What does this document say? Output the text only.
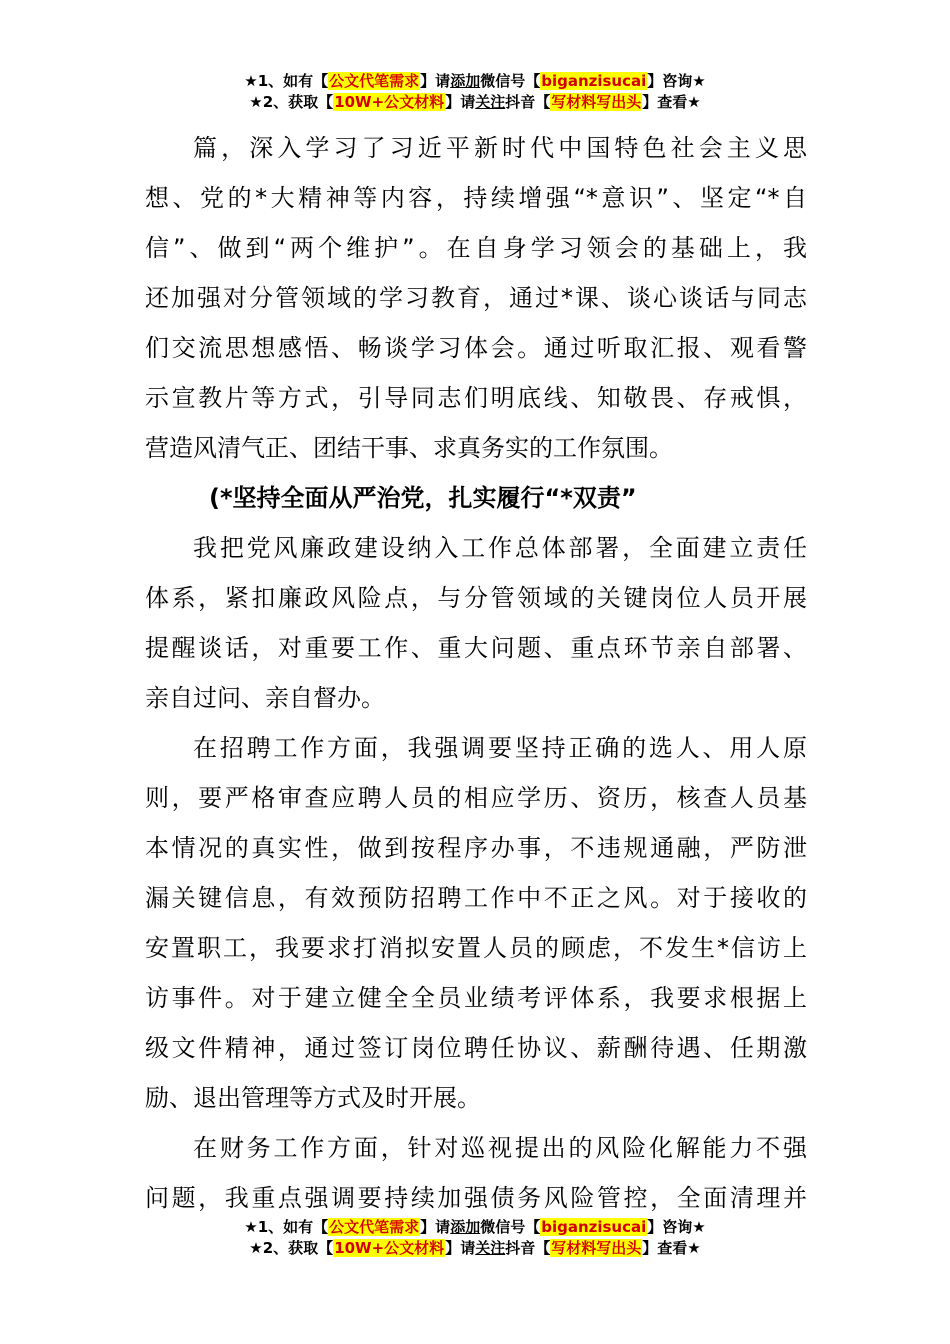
★1、如有【公文代笔需求】请添加微信号【biganzisucai】咨询★
★2、获取【10W+公文材料】请关注抖音【写材料写出头】查看★
篇，深入学习了习近平新时代中国特色社会主义思
想、党的*大精神等内容，持续增强“*意识”、坚定“*自
信”、做到“两个维护”。在自身学习领会的基础上，我
还加强对分管领域的学习教育，通过*课、谈心谈话与同志
们交流思想感悟、畅谈学习体会。通过听取汇报、观看警
示宣教片等方式，引导同志们明底线、知敬畏、存戒惧，
营造风清气正、团结干事、求真务实的工作氛围。
(*坚持全面从严治党，扎实履行“*双责”
我把党风廉政建设纳入工作总体部署，全面建立责任
体系，紧扣廉政风险点，与分管领域的关键岗位人员开展
提醒谈话，对重要工作、重大问题、重点环节亲自部署、
亲自过问、亲自督办。
在招聘工作方面，我强调要坚持正确的选人、用人原
则，要严格审查应聘人员的相应学历、资历，核查人员基
本情况的真实性，做到按程序办事，不违规通融，严防泄
漏关键信息，有效预防招聘工作中不正之风。对于接收的
安置职工，我要求打消拟安置人员的顾虑，不发生*信访上
访事件。对于建立健全全员业绩考评体系，我要求根据上
级文件精神，通过签订岗位聘任协议、薪酬待遇、任期激
励、退出管理等方式及时开展。
在财务工作方面，针对巡视提出的风险化解能力不强
问题，我重点强调要持续加强债务风险管控，全面清理并
★1、如有【公文代笔需求】请添加微信号【biganzisucai】咨询★
★2、获取【10W+公文材料】请关注抖音【写材料写出头】查看★
